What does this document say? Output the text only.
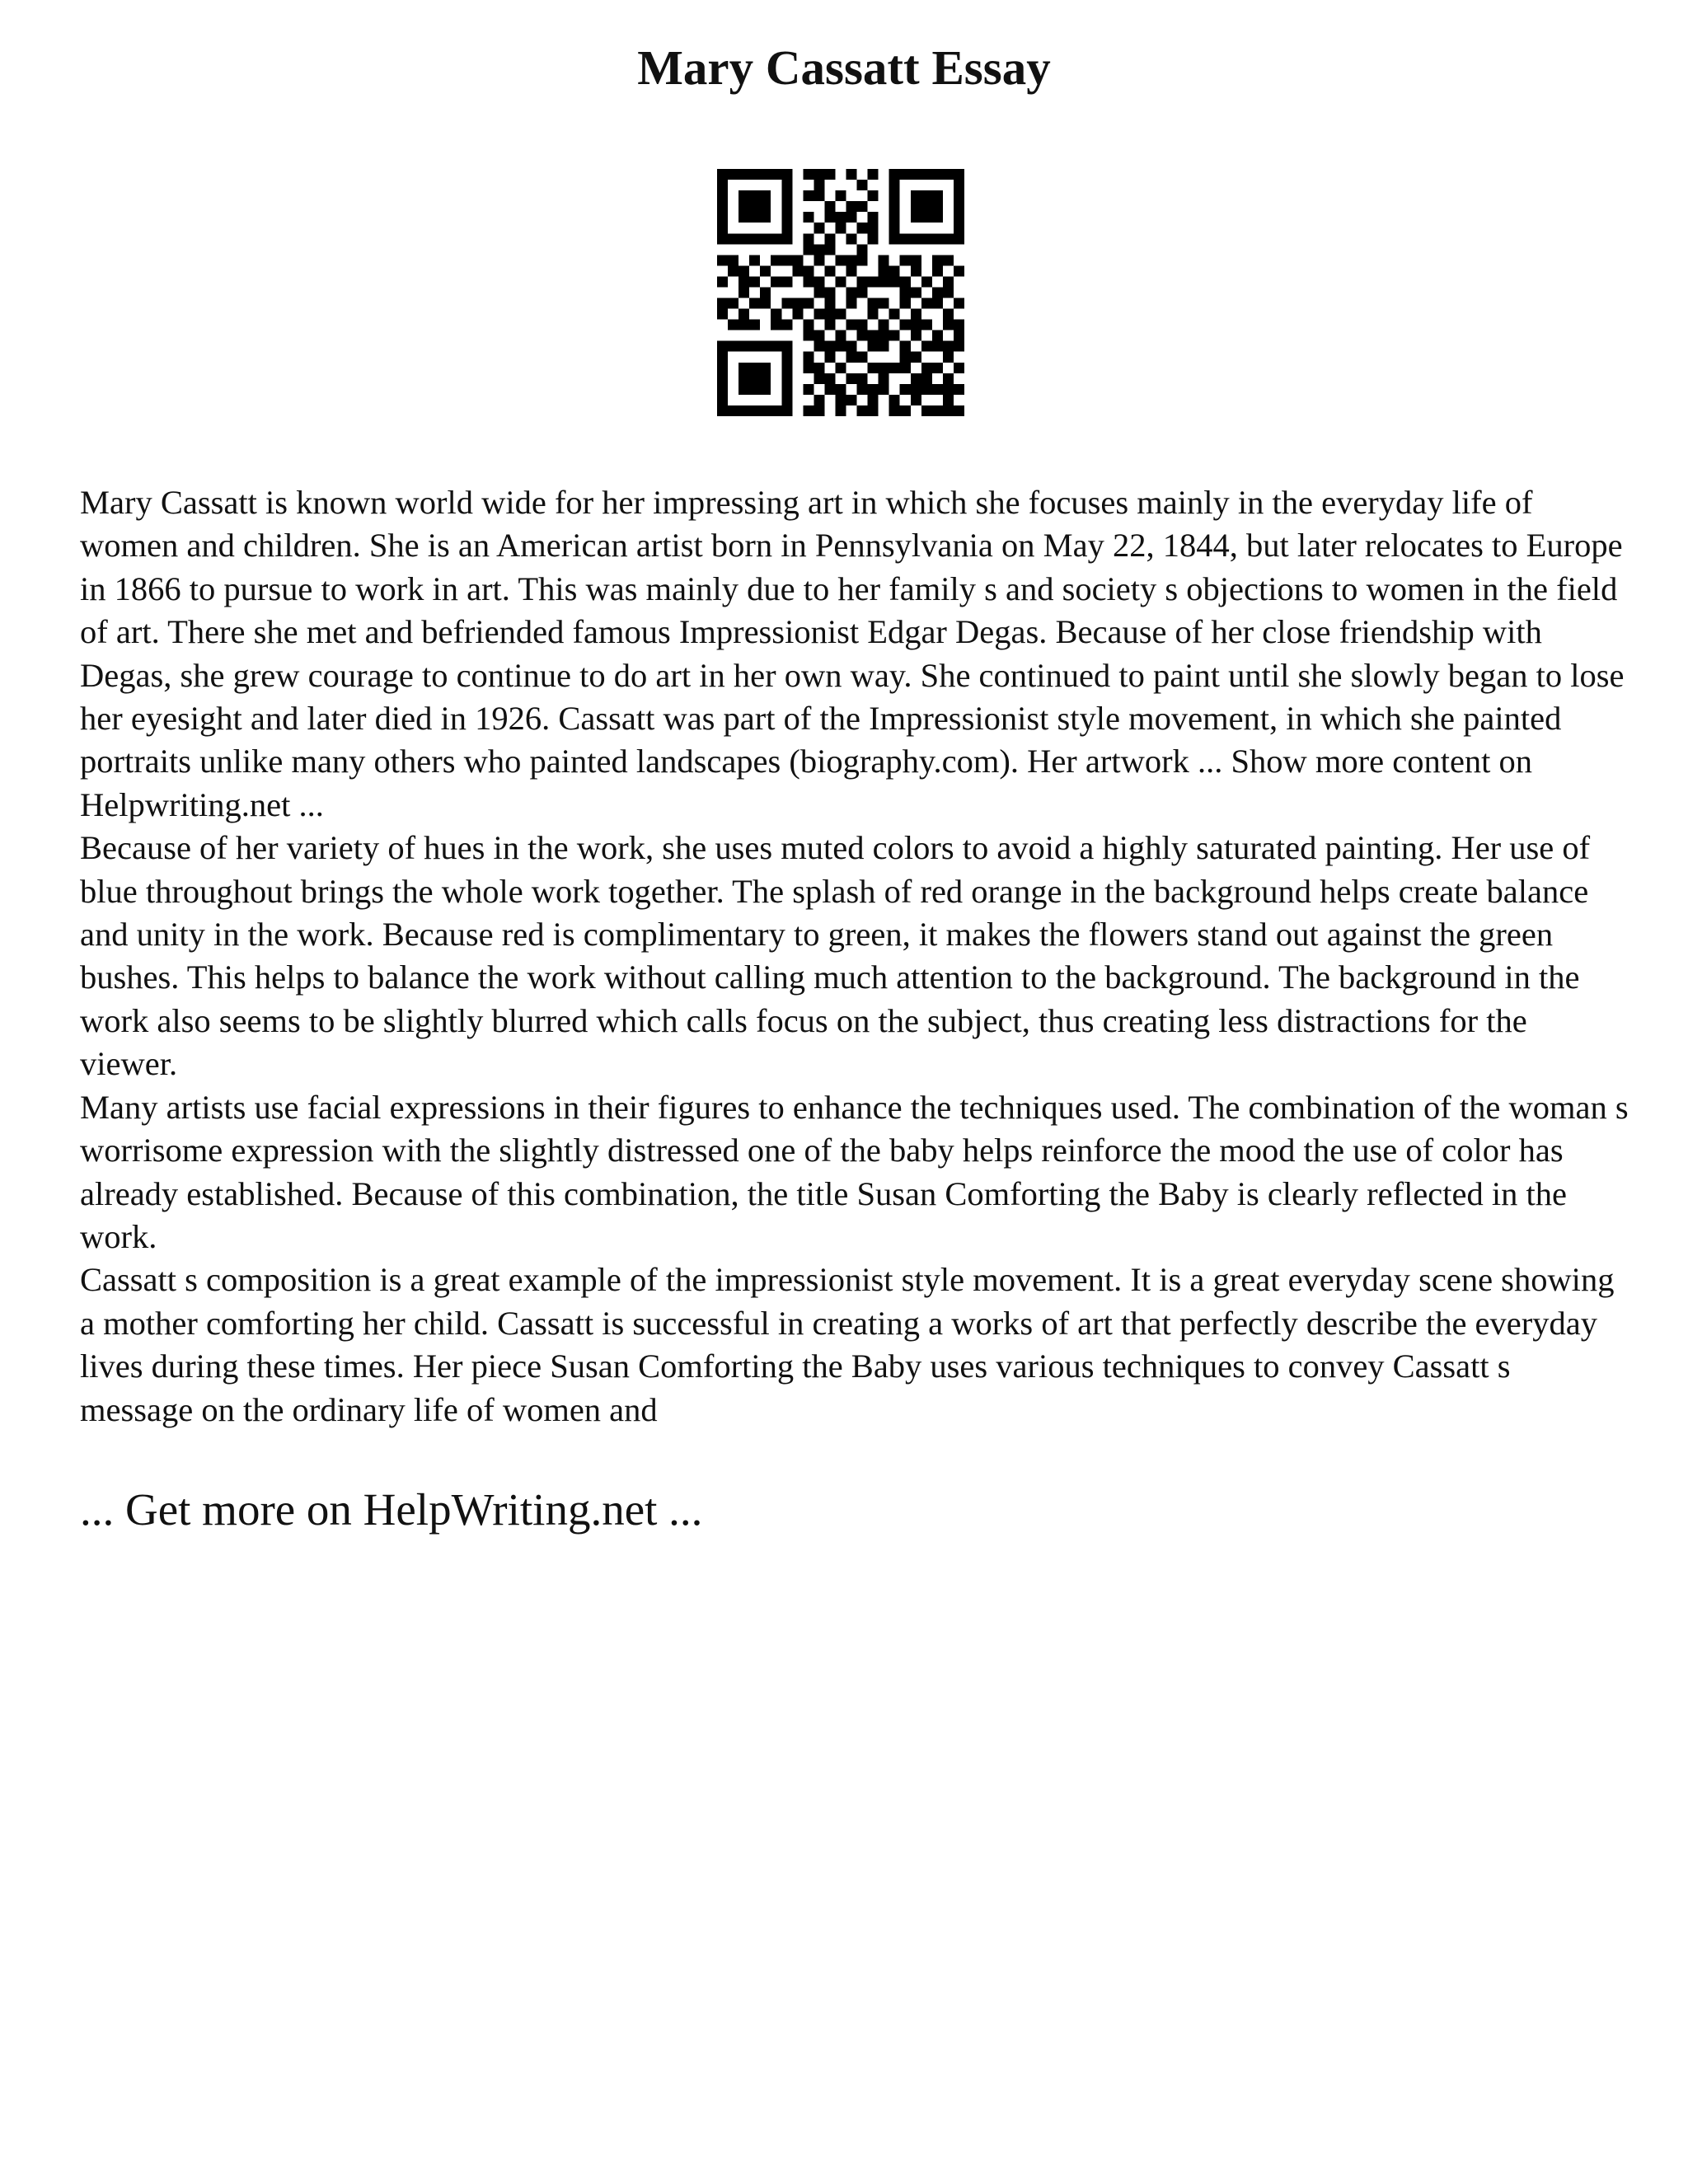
Mary Cassatt Essay

Mary Cassatt is known world wide for her impressing art in which she focuses mainly in the everyday life of women and children. She is an American artist born in Pennsylvania on May 22, 1844, but later relocates to Europe in 1866 to pursue to work in art. This was mainly due to her family s and society s objections to women in the field of art. There she met and befriended famous Impressionist Edgar Degas. Because of her close friendship with Degas, she grew courage to continue to do art in her own way. She continued to paint until she slowly began to lose her eyesight and later died in 1926. Cassatt was part of the Impressionist style movement, in which she painted portraits unlike many others who painted landscapes (biography.com). Her artwork ... Show more content on Helpwriting.net ...

Because of her variety of hues in the work, she uses muted colors to avoid a highly saturated painting. Her use of blue throughout brings the whole work together. The splash of red orange in the background helps create balance and unity in the work. Because red is complimentary to green, it makes the flowers stand out against the green bushes. This helps to balance the work without calling much attention to the background. The background in the work also seems to be slightly blurred which calls focus on the subject, thus creating less distractions for the viewer.

Many artists use facial expressions in their figures to enhance the techniques used. The combination of the woman s worrisome expression with the slightly distressed one of the baby helps reinforce the mood the use of color has already established. Because of this combination, the title Susan Comforting the Baby is clearly reflected in the work.

Cassatt s composition is a great example of the impressionist style movement. It is a great everyday scene showing a mother comforting her child. Cassatt is successful in creating a works of art that perfectly describe the everyday lives during these times. Her piece Susan Comforting the Baby uses various techniques to convey Cassatt s message on the ordinary life of women and

... Get more on HelpWriting.net ...
